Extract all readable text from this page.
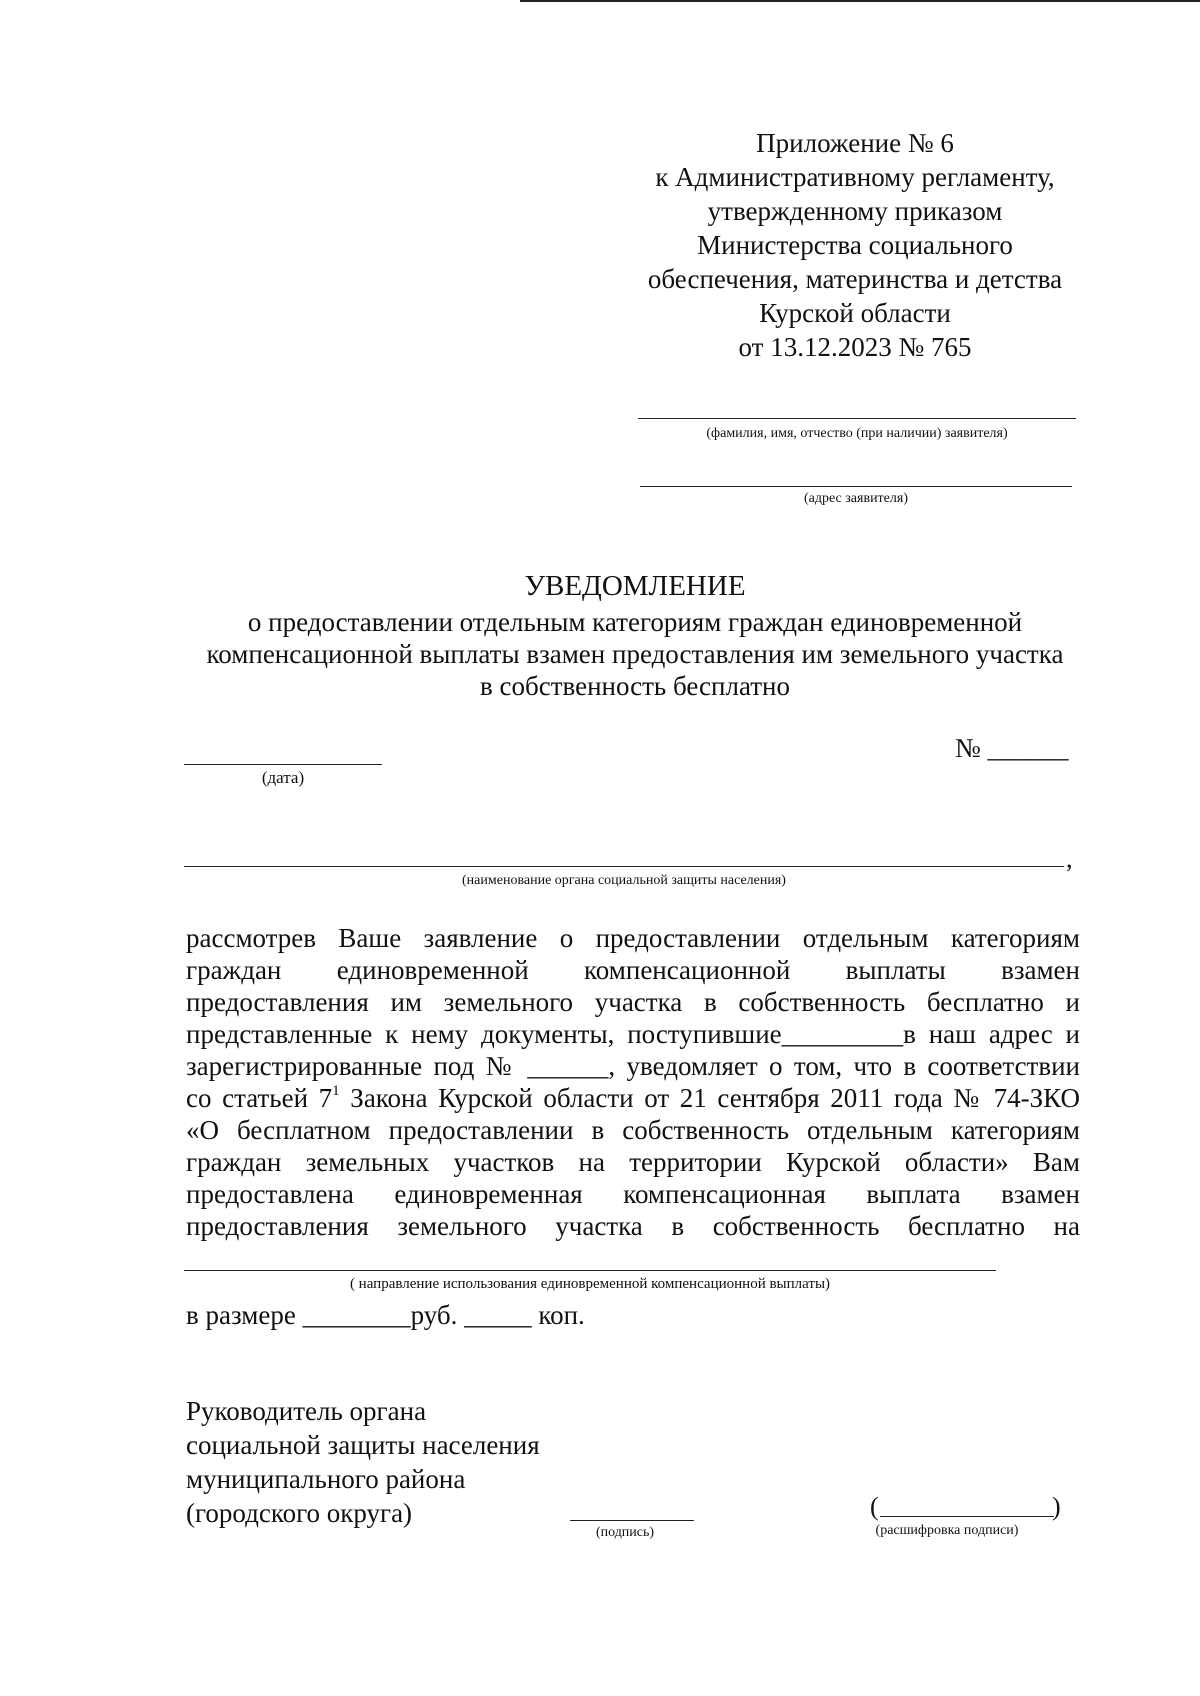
Приложение № 6
к Административному регламенту,
утвержденному приказом
Министерства социального
обеспечения, материнства и детства
Курской области
от 13.12.2023 № 765
(фамилия, имя, отчество (при наличии) заявителя)
(адрес заявителя)
УВЕДОМЛЕНИЕ
о предоставлении отдельным категориям граждан единовременной
компенсационной выплаты взамен предоставления им земельного участка
в собственность бесплатно
(дата)
№ ______
,
(наименование органа социальной защиты населения)
рассмотрев Ваше заявление о предоставлении отдельным категориям
граждан единовременной компенсационной выплаты взамен
предоставления им земельного участка в собственность бесплатно и
представленные к нему документы, поступившие_________в наш адрес и
зарегистрированные под № ______, уведомляет о том, что в соответствии
со статьей $7^1$ Закона Курской области от 21 сентября 2011 года № 74-ЗКО
«О бесплатном предоставлении в собственность отдельным категориям
граждан земельных участков на территории Курской области» Вам
предоставлена единовременная компенсационная выплата взамен
предоставления земельного участка в собственность бесплатно на
( направление использования единовременной компенсационной выплаты)
в размере ________руб. _____ коп.
Руководитель органа
социальной защиты населения
муниципального района
(городского округа)
(подпись)
(	)
(расшифровка подписи)
